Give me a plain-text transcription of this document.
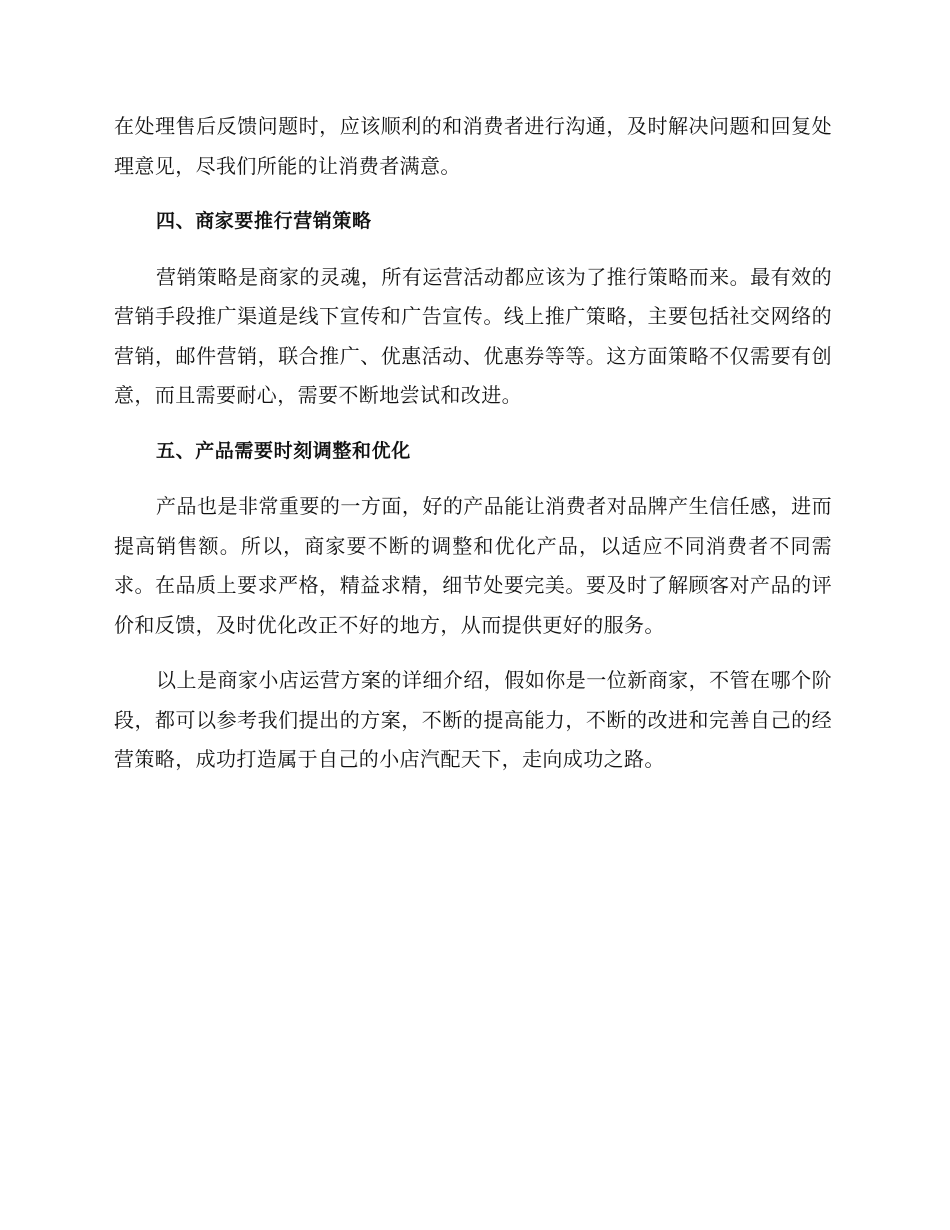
在处理售后反馈问题时，应该顺利的和消费者进行沟通，及时解决问题和回复处理意见，尽我们所能的让消费者满意。

四、商家要推行营销策略

营销策略是商家的灵魂，所有运营活动都应该为了推行策略而来。最有效的营销手段推广渠道是线下宣传和广告宣传。线上推广策略，主要包括社交网络的营销，邮件营销，联合推广、优惠活动、优惠券等等。这方面策略不仅需要有创意，而且需要耐心，需要不断地尝试和改进。

五、产品需要时刻调整和优化

产品也是非常重要的一方面，好的产品能让消费者对品牌产生信任感，进而提高销售额。所以，商家要不断的调整和优化产品，以适应不同消费者不同需求。在品质上要求严格，精益求精，细节处要完美。要及时了解顾客对产品的评价和反馈，及时优化改正不好的地方，从而提供更好的服务。

以上是商家小店运营方案的详细介绍，假如你是一位新商家，不管在哪个阶段，都可以参考我们提出的方案，不断的提高能力，不断的改进和完善自己的经营策略，成功打造属于自己的小店汽配天下，走向成功之路。
